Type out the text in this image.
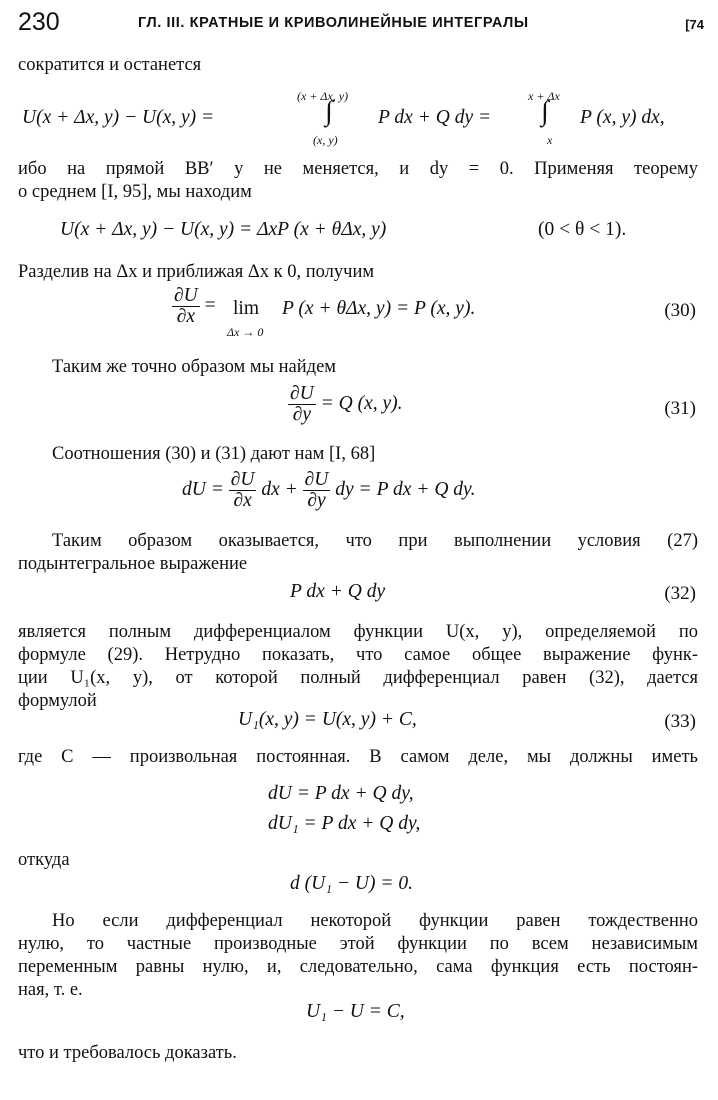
230	ГЛ. III. КРАТНЫЕ И КРИВОЛИНЕЙНЫЕ ИНТЕГРАЛЫ	[74
сократится и останется
U(x + Δx, y) − U(x, y) =
(x + Δx, y)
∫
(x, y)
P dx + Q dy =
x + Δx
∫
x
P (x, y) dx,
ибо на прямой BB′ y не меняется, и dy = 0. Применяя теорему
о среднем [I, 95], мы находим
U(x + Δx, y) − U(x, y) = ΔxP (x + θΔx, y)	(0 < θ < 1).
Разделив на Δx и приближая Δx к 0, получим
$\frac{\partial U}{\partial x} = \lim$
Δx → 0
P (x + θΔx, y) = P (x, y).	(30)
Таким же точно образом мы найдем
$\frac{\partial U}{\partial y} = Q$ (x, y).	(31)
Соотношения (30) и (31) дают нам [I, 68]
dU = $\frac{\partial U}{\partial x}$ dx + $\frac{\partial U}{\partial y}$ dy = P dx + Q dy.
Таким образом оказывается, что при выполнении условия (27)
подынтегральное выражение
P dx + Q dy	(32)
является полным дифференциалом функции U(x, y), определяемой по
формуле (29). Нетрудно показать, что самое общее выражение функ-
ции U₁(x, y), от которой полный дифференциал равен (32), дается
формулой
U₁(x, y) = U(x, y) + C,	(33)
где C — произвольная постоянная. В самом деле, мы должны иметь
dU = P dx + Q dy,
dU₁ = P dx + Q dy,
откуда
d (U₁ − U) = 0.
Но если дифференциал некоторой функции равен тождественно
нулю, то частные производные этой функции по всем независимым
переменным равны нулю, и, следовательно, сама функция есть постоян-
ная, т. е.
U₁ − U = C,
что и требовалось доказать.
